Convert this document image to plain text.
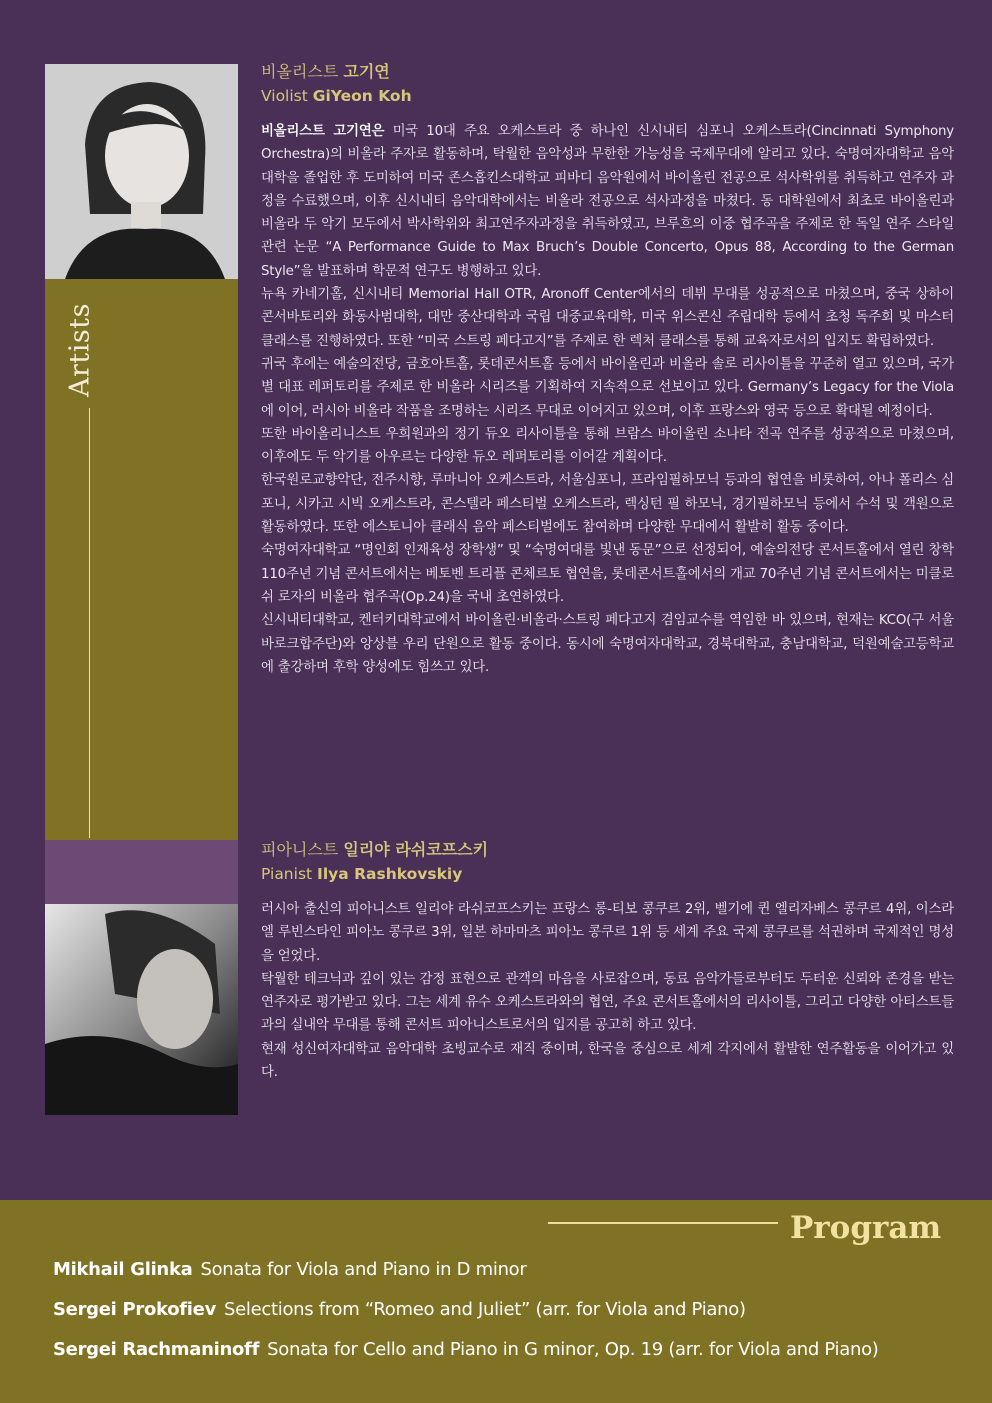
Artists
비올리스트 고기연
Violist GiYeon Koh

비올리스트 고기연은 미국 10대 주요 오케스트라 중 하나인 신시내티 심포니 오케스트라(Cincinnati Symphony Orchestra)의 비올라 주자로 활동하며, 탁월한 음악성과 무한한 가능성을 국제무대에 알리고 있다. 숙명여자대학교 음악대학을 졸업한 후 도미하여 미국 존스홉킨스대학교 피바디 음악원에서 바이올린 전공으로 석사학위를 취득하고 연주자 과정을 수료했으며, 이후 신시내티 음악대학에서는 비올라 전공으로 석사과정을 마쳤다. 동 대학원에서 최초로 바이올린과 비올라 두 악기 모두에서 박사학위와 최고연주자과정을 취득하였고, 브루흐의 이중 협주곡을 주제로 한 독일 연주 스타일 관련 논문 “A Performance Guide to Max Bruch’s Double Concerto, Opus 88, According to the German Style”을 발표하며 학문적 연구도 병행하고 있다.

뉴욕 카네기홀, 신시내티 Memorial Hall OTR, Aronoff Center에서의 데뷔 무대를 성공적으로 마쳤으며, 중국 상하이 콘서바토리와 화동사범대학, 대만 중산대학과 국립 대중교육대학, 미국 위스콘신 주립대학 등에서 초청 독주회 및 마스터클래스를 진행하였다. 또한 “미국 스트링 페다고지”를 주제로 한 렉처 클래스를 통해 교육자로서의 입지도 확립하였다.

귀국 후에는 예술의전당, 금호아트홀, 롯데콘서트홀 등에서 바이올린과 비올라 솔로 리사이틀을 꾸준히 열고 있으며, 국가별 대표 레퍼토리를 주제로 한 비올라 시리즈를 기획하여 지속적으로 선보이고 있다. Germany’s Legacy for the Viola에 이어, 러시아 비올라 작품을 조명하는 시리즈 무대로 이어지고 있으며, 이후 프랑스와 영국 등으로 확대될 예정이다.

또한 바이올리니스트 우희원과의 정기 듀오 리사이틀을 통해 브람스 바이올린 소나타 전곡 연주를 성공적으로 마쳤으며, 이후에도 두 악기를 아우르는 다양한 듀오 레퍼토리를 이어갈 계획이다.

한국원로교향악단, 전주시향, 루마니아 오케스트라, 서울심포니, 프라임필하모닉 등과의 협연을 비롯하여, 아나 폴리스 심포니, 시카고 시빅 오케스트라, 콘스텔라 페스티벌 오케스트라, 렉싱턴 필 하모닉, 경기필하모닉 등에서 수석 및 객원으로 활동하였다. 또한 에스토니아 클래식 음악 페스티벌에도 참여하며 다양한 무대에서 활발히 활동 중이다.

숙명여자대학교 “명인회 인재육성 장학생” 및 “숙명여대를 빛낸 동문”으로 선정되어, 예술의전당 콘서트홀에서 열린 창학 110주년 기념 콘서트에서는 베토벤 트리플 콘체르토 협연을, 롯데콘서트홀에서의 개교 70주년 기념 콘서트에서는 미클로쉬 로자의 비올라 협주곡(Op.24)을 국내 초연하였다.

신시내티대학교, 켄터키대학교에서 바이올린·비올라·스트링 페다고지 겸임교수를 역임한 바 있으며, 현재는 KCO(구 서울바로크합주단)와 앙상블 우리 단원으로 활동 중이다. 동시에 숙명여자대학교, 경북대학교, 충남대학교, 덕원예술고등학교에 출강하며 후학 양성에도 힘쓰고 있다.

피아니스트 일리야 라쉬코프스키
Pianist Ilya Rashkovskiy

러시아 출신의 피아니스트 일리야 라쉬코프스키는 프랑스 롱-티보 콩쿠르 2위, 벨기에 퀸 엘리자베스 콩쿠르 4위, 이스라엘 루빈스타인 피아노 콩쿠르 3위, 일본 하마마츠 피아노 콩쿠르 1위 등 세계 주요 국제 콩쿠르를 석권하며 국제적인 명성을 얻었다.

탁월한 테크닉과 깊이 있는 감정 표현으로 관객의 마음을 사로잡으며, 동료 음악가들로부터도 두터운 신뢰와 존경을 받는 연주자로 평가받고 있다. 그는 세계 유수 오케스트라와의 협연, 주요 콘서트홀에서의 리사이틀, 그리고 다양한 아티스트들과의 실내악 무대를 통해 콘서트 피아니스트로서의 입지를 공고히 하고 있다.

현재 성신여자대학교 음악대학 초빙교수로 재직 중이며, 한국을 중심으로 세계 각지에서 활발한 연주활동을 이어가고 있다.

Program
Mikhail Glinka Sonata for Viola and Piano in D minor
Sergei Prokofiev Selections from “Romeo and Juliet” (arr. for Viola and Piano)
Sergei Rachmaninoff Sonata for Cello and Piano in G minor, Op. 19 (arr. for Viola and Piano)
